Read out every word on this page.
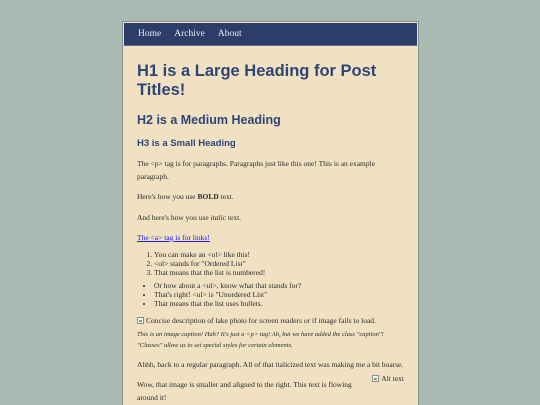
Home Archive About
H1 is a Large Heading for Post Titles!
H2 is a Medium Heading
H3 is a Small Heading

The <p> tag is for paragraphs. Paragraphs just like this one! This is an example paragraph.

Here's how you use BOLD text.

And here's how you use italic text.

The <a> tag is for links!

1. You can make an <ol> like this!
2. <ol> stands for "Ordered List"
3. That means that the list is numbered!
• Or how about a <ul>, know what that stands for?
• That's right! <ul> is "Unordered List"
• That means that the list uses bullets.
Concise description of lake photo for screen readers or if image fails to load.

This is an image caption! Huh? It's just a <p> tag! Ah, but we have added the class "caption"! "Classes" allow us to set special styles for certain elements.

Ahhh, back to a regular paragraph. All of that italicized text was making me a bit hoarse.

Alt text

Wow, that image is smaller and aligned to the right. This text is flowing around it!
